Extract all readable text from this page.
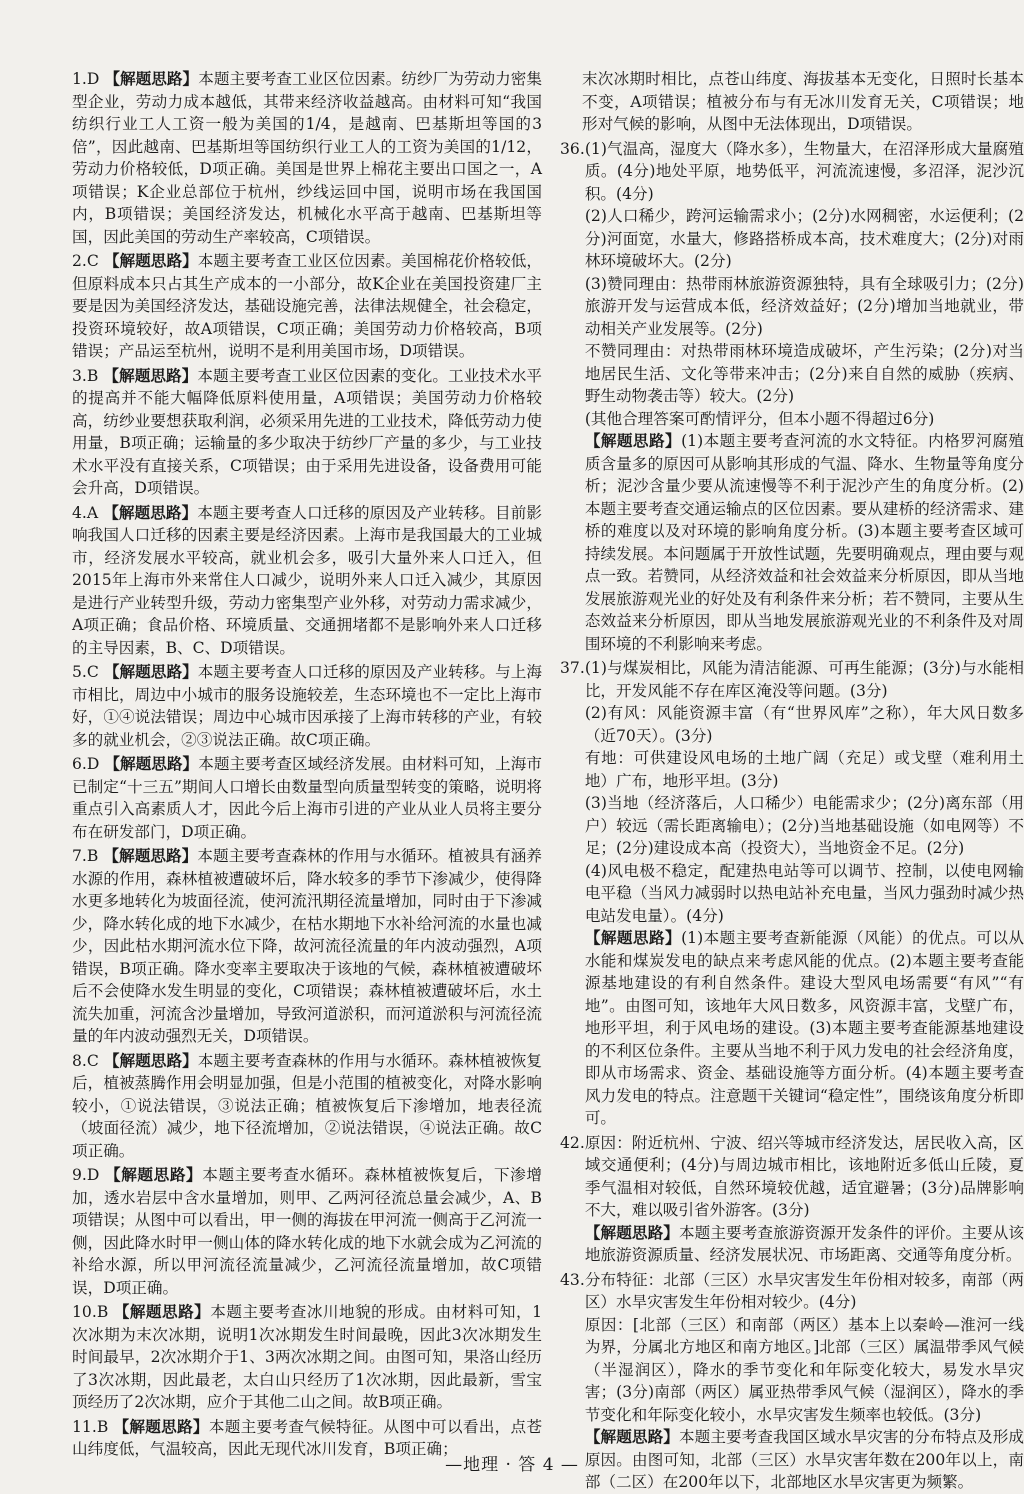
1.D 【解题思路】本题主要考查工业区位因素。纺纱厂为劳动力密集型企业，劳动力成本越低，其带来经济收益越高。由材料可知“我国纺织行业工人工资一般为美国的1/4，是越南、巴基斯坦等国的3倍”，因此越南、巴基斯坦等国纺织行业工人的工资为美国的1/12，劳动力价格较低，D项正确。美国是世界上棉花主要出口国之一，A项错误；K企业总部位于杭州，纱线运回中国，说明市场在我国国内，B项错误；美国经济发达，机械化水平高于越南、巴基斯坦等国，因此美国的劳动生产率较高，C项错误。
2.C 【解题思路】本题主要考查工业区位因素。美国棉花价格较低，但原料成本只占其生产成本的一小部分，故K企业在美国投资建厂主要是因为美国经济发达，基础设施完善，法律法规健全，社会稳定，投资环境较好，故A项错误，C项正确；美国劳动力价格较高，B项错误；产品运至杭州，说明不是利用美国市场，D项错误。
3.B 【解题思路】本题主要考查工业区位因素的变化。工业技术水平的提高并不能大幅降低原料使用量，A项错误；美国劳动力价格较高，纺纱业要想获取利润，必须采用先进的工业技术，降低劳动力使用量，B项正确；运输量的多少取决于纺纱厂产量的多少，与工业技术水平没有直接关系，C项错误；由于采用先进设备，设备费用可能会升高，D项错误。
4.A 【解题思路】本题主要考查人口迁移的原因及产业转移。目前影响我国人口迁移的因素主要是经济因素。上海市是我国最大的工业城市，经济发展水平较高，就业机会多，吸引大量外来人口迁入，但2015年上海市外来常住人口减少，说明外来人口迁入减少，其原因是进行产业转型升级，劳动力密集型产业外移，对劳动力需求减少，A项正确；食品价格、环境质量、交通拥堵都不是影响外来人口迁移的主导因素，B、C、D项错误。
5.C 【解题思路】本题主要考查人口迁移的原因及产业转移。与上海市相比，周边中小城市的服务设施较差，生态环境也不一定比上海市好，①④说法错误；周边中心城市因承接了上海市转移的产业，有较多的就业机会，②③说法正确。故C项正确。
6.D 【解题思路】本题主要考查区域经济发展。由材料可知，上海市已制定“十三五”期间人口增长由数量型向质量型转变的策略，说明将重点引入高素质人才，因此今后上海市引进的产业从业人员将主要分布在研发部门，D项正确。
7.B 【解题思路】本题主要考查森林的作用与水循环。植被具有涵养水源的作用，森林植被遭破坏后，降水较多的季节下渗减少，使得降水更多地转化为坡面径流，使河流汛期径流量增加，同时由于下渗减少，降水转化成的地下水减少，在枯水期地下水补给河流的水量也减少，因此枯水期河流水位下降，故河流径流量的年内波动强烈，A项错误，B项正确。降水变率主要取决于该地的气候，森林植被遭破坏后不会使降水发生明显的变化，C项错误；森林植被遭破坏后，水土流失加重，河流含沙量增加，导致河道淤积，而河道淤积与河流径流量的年内波动强烈无关，D项错误。
8.C 【解题思路】本题主要考查森林的作用与水循环。森林植被恢复后，植被蒸腾作用会明显加强，但是小范围的植被变化，对降水影响较小，①说法错误，③说法正确；植被恢复后下渗增加，地表径流（坡面径流）减少，地下径流增加，②说法错误，④说法正确。故C项正确。
9.D 【解题思路】本题主要考查水循环。森林植被恢复后，下渗增加，透水岩层中含水量增加，则甲、乙两河径流总量会减少，A、B项错误；从图中可以看出，甲一侧的海拔在甲河流一侧高于乙河流一侧，因此降水时甲一侧山体的降水转化成的地下水就会成为乙河流的补给水源，所以甲河流径流量减少，乙河流径流量增加，故C项错误，D项正确。
10.B 【解题思路】本题主要考查冰川地貌的形成。由材料可知，1次冰期为末次冰期，说明1次冰期发生时间最晚，因此3次冰期发生时间最早，2次冰期介于1、3两次冰期之间。由图可知，果洛山经历了3次冰期，因此最老，太白山只经历了1次冰期，因此最新，雪宝顶经历了2次冰期，应介于其他二山之间。故B项正确。
11.B 【解题思路】本题主要考查气候特征。从图中可以看出，点苍山纬度低，气温较高，因此无现代冰川发育，B项正确；

末次冰期时相比，点苍山纬度、海拔基本无变化，日照时长基本不变，A项错误；植被分布与有无冰川发育无关，C项错误；地形对气候的影响，从图中无法体现出，D项错误。

36. (1)气温高，湿度大（降水多），生物量大，在沼泽形成大量腐殖质。(4分)地处平原，地势低平，河流流速慢，多沼泽，泥沙沉积。(4分)

(2)人口稀少，跨河运输需求小；(2分)水网稠密，水运便利；(2分)河面宽，水量大，修路搭桥成本高，技术难度大；(2分)对雨林环境破坏大。(2分)

(3)赞同理由：热带雨林旅游资源独特，具有全球吸引力；(2分)旅游开发与运营成本低，经济效益好；(2分)增加当地就业，带动相关产业发展等。(2分)

不赞同理由：对热带雨林环境造成破坏，产生污染；(2分)对当地居民生活、文化等带来冲击；(2分)来自自然的威胁（疾病、野生动物袭击等）较大。(2分)

(其他合理答案可酌情评分，但本小题不得超过6分)

【解题思路】(1)本题主要考查河流的水文特征。内格罗河腐殖质含量多的原因可从影响其形成的气温、降水、生物量等角度分析；泥沙含量少要从流速慢等不利于泥沙产生的角度分析。(2)本题主要考查交通运输点的区位因素。要从建桥的经济需求、建桥的难度以及对环境的影响角度分析。(3)本题主要考查区域可持续发展。本问题属于开放性试题，先要明确观点，理由要与观点一致。若赞同，从经济效益和社会效益来分析原因，即从当地发展旅游观光业的好处及有利条件来分析；若不赞同，主要从生态效益来分析原因，即从当地发展旅游观光业的不利条件及对周围环境的不利影响来考虑。

37. (1)与煤炭相比，风能为清洁能源、可再生能源；(3分)与水能相比，开发风能不存在库区淹没等问题。(3分)

(2)有风：风能资源丰富（有“世界风库”之称），年大风日数多（近70天）。(3分)

有地：可供建设风电场的土地广阔（充足）或戈壁（难利用土地）广布，地形平坦。(3分)

(3)当地（经济落后，人口稀少）电能需求少；(2分)离东部（用户）较远（需长距离输电）；(2分)当地基础设施（如电网等）不足；(2分)建设成本高（投资大），当地资金不足。(2分)

(4)风电极不稳定，配建热电站等可以调节、控制，以使电网输电平稳（当风力减弱时以热电站补充电量，当风力强劲时减少热电站发电量）。(4分)

【解题思路】(1)本题主要考查新能源（风能）的优点。可以从水能和煤炭发电的缺点来考虑风能的优点。(2)本题主要考查能源基地建设的有利自然条件。建设大型风电场需要“有风”“有地”。由图可知，该地年大风日数多，风资源丰富，戈壁广布，地形平坦，利于风电场的建设。(3)本题主要考查能源基地建设的不利区位条件。主要从当地不利于风力发电的社会经济角度，即从市场需求、资金、基础设施等方面分析。(4)本题主要考查风力发电的特点。注意题干关键词“稳定性”，围绕该角度分析即可。

42. 原因：附近杭州、宁波、绍兴等城市经济发达，居民收入高，区域交通便利；(4分)与周边城市相比，该地附近多低山丘陵，夏季气温相对较低，自然环境较优越，适宜避暑；(3分)品牌影响不大，难以吸引省外游客。(3分)

【解题思路】本题主要考查旅游资源开发条件的评价。主要从该地旅游资源质量、经济发展状况、市场距离、交通等角度分析。

43. 分布特征：北部（三区）水旱灾害发生年份相对较多，南部（两区）水旱灾害发生年份相对较少。(4分)

原因：[北部（三区）和南部（两区）基本上以秦岭—淮河一线为界，分属北方地区和南方地区。]北部（三区）属温带季风气候（半湿润区），降水的季节变化和年际变化较大，易发水旱灾害；(3分)南部（两区）属亚热带季风气候（湿润区），降水的季节变化和年际变化较小，水旱灾害发生频率也较低。(3分)

【解题思路】本题主要考查我国区域水旱灾害的分布特点及形成原因。由图可知，北部（三区）水旱灾害年数在200年以上，南部（二区）在200年以下，北部地区水旱灾害更为频繁。

—地理 · 答 4 —
